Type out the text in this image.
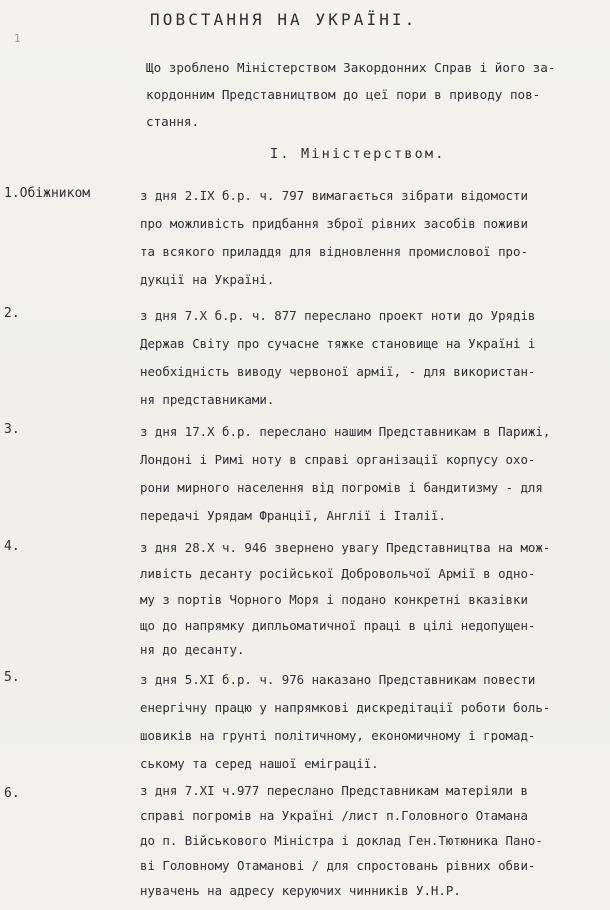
1
ПОВСТАННЯ НА УКРАЇНІ.

Що зроблено Міністерством Закордонних Справ і його за-

кордонним Представництвом до цеї пори в приводу пов-

стання.

І. Міністерством.
1.Обіжником	з дня 2.ІХ б.р. ч. 797 вимагається зібрати відомости

про можливість придбання зброї рівних засобів поживи

та всякого приладдя для відновлення промислової про-

дукції на Україні.

2.	з дня 7.Х б.р. ч. 877 переслано проект ноти до Урядів

Держав Світу про сучасне тяжке становище на Україні і

необхідність виводу червоної армії, - для використан-

ня представниками.

3.	з дня 17.Х б.р. переслано нашим Представникам в Парижі,

Лондоні і Римі ноту в справі організації корпусу охо-

рони мирного населення від погромів і бандитизму - для

передачі Урядам Франції, Англії і Італії.

4.	з дня 28.Х ч. 946 звернено увагу Представництва на мож-

ливість десанту російської Добровольчої Армії в одно-

му з портів Чорного Моря і подано конкретні вказівки

що до напрямку дипльоматичної праці в цілі недопущен-

ня до десанту.

5.	з дня 5.ХІ б.р. ч. 976 наказано Представникам повести

енергічну працю у напрямкові дискредітації роботи боль-

шовиків на грунті політичному, економичному і громад-

ському та серед нашої еміграції.

6.	з дня 7.ХІ ч.977 переслано Представникам матеріяли в

справі погромів на Україні /лист п.Головного Отамана

до п. Військового Міністра і доклад Ген.Тютюника Пано-

ві Головному Отаманові / для спростовань рівних обви-

нувачень на адресу керуючих чинників У.Н.Р.
